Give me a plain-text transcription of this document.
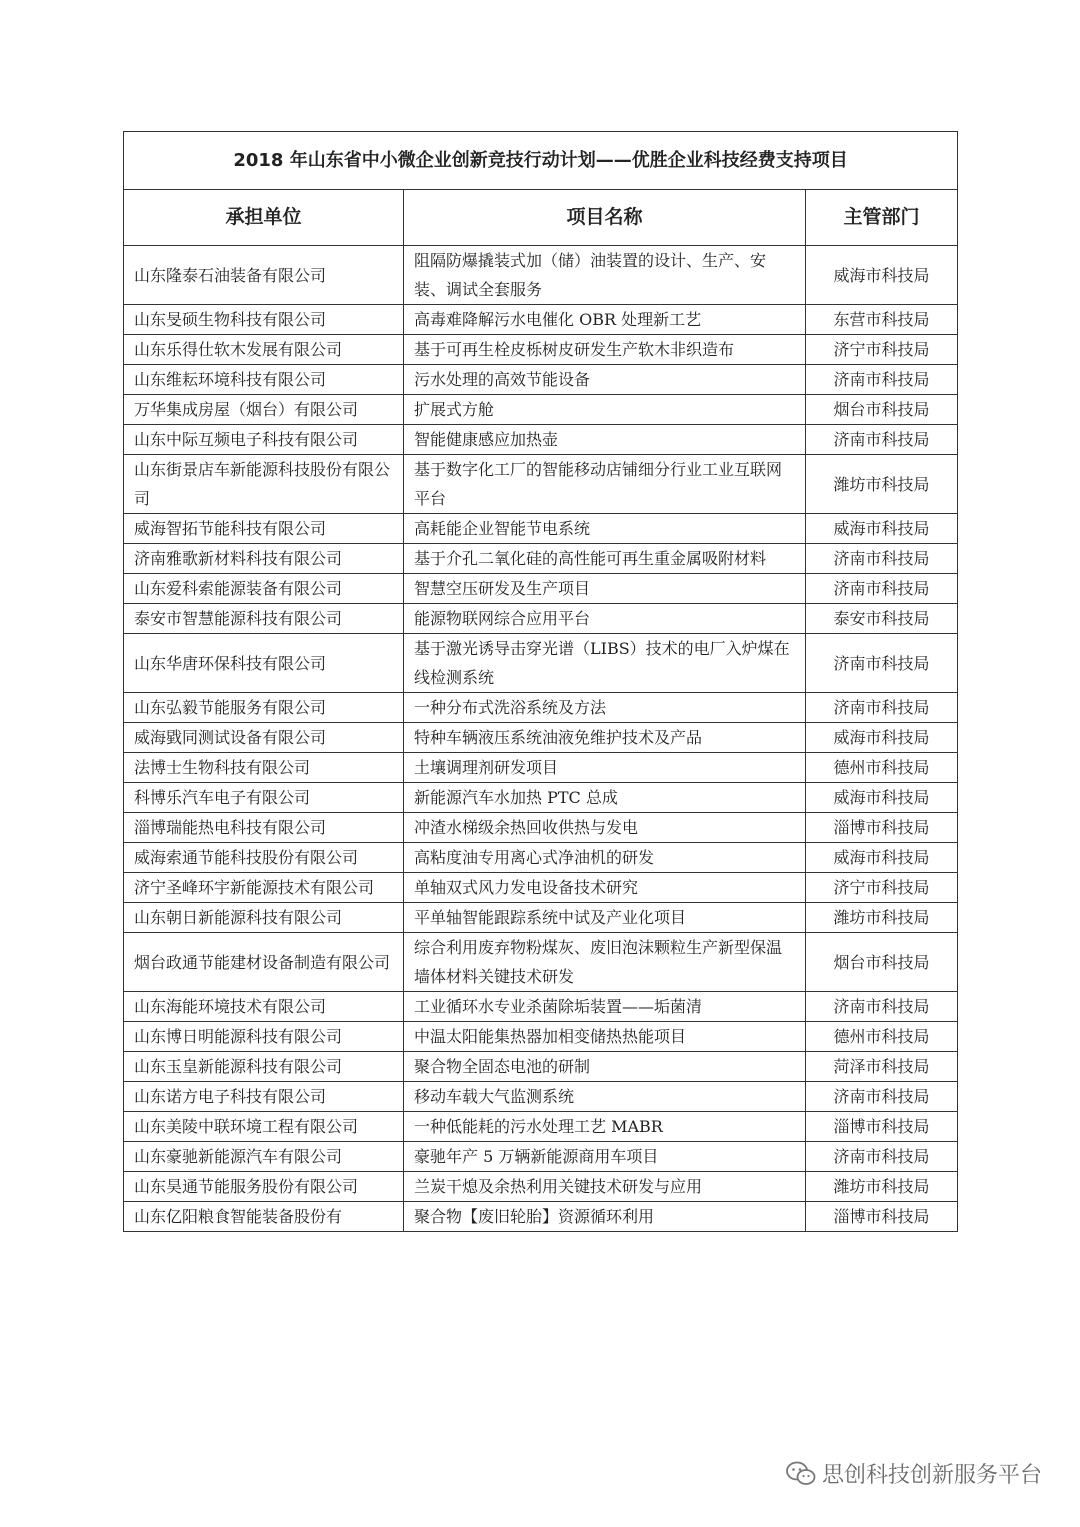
2018 年山东省中小微企业创新竞技行动计划——优胜企业科技经费支持项目		
承担单位	项目名称	主管部门
山东隆泰石油装备有限公司	阻隔防爆撬装式加（储）油装置的设计、生产、安装、调试全套服务	威海市科技局
山东旻硕生物科技有限公司	高毒难降解污水电催化 OBR 处理新工艺	东营市科技局
山东乐得仕软木发展有限公司	基于可再生栓皮栎树皮研发生产软木非织造布	济宁市科技局
山东维耘环境科技有限公司	污水处理的高效节能设备	济南市科技局
万华集成房屋（烟台）有限公司	扩展式方舱	烟台市科技局
山东中际互频电子科技有限公司	智能健康感应加热壶	济南市科技局
山东街景店车新能源科技股份有限公司	基于数字化工厂的智能移动店铺细分行业工业互联网平台	潍坊市科技局
威海智拓节能科技有限公司	高耗能企业智能节电系统	威海市科技局
济南雅歌新材料科技有限公司	基于介孔二氧化硅的高性能可再生重金属吸附材料	济南市科技局
山东爱科索能源装备有限公司	智慧空压研发及生产项目	济南市科技局
泰安市智慧能源科技有限公司	能源物联网综合应用平台	泰安市科技局
山东华唐环保科技有限公司	基于激光诱导击穿光谱（LIBS）技术的电厂入炉煤在线检测系统	济南市科技局
山东弘毅节能服务有限公司	一种分布式洗浴系统及方法	济南市科技局
威海戥同测试设备有限公司	特种车辆液压系统油液免维护技术及产品	威海市科技局
法博士生物科技有限公司	土壤调理剂研发项目	德州市科技局
科博乐汽车电子有限公司	新能源汽车水加热 PTC 总成	威海市科技局
淄博瑞能热电科技有限公司	冲渣水梯级余热回收供热与发电	淄博市科技局
威海索通节能科技股份有限公司	高粘度油专用离心式净油机的研发	威海市科技局
济宁圣峰环宇新能源技术有限公司	单轴双式风力发电设备技术研究	济宁市科技局
山东朝日新能源科技有限公司	平单轴智能跟踪系统中试及产业化项目	潍坊市科技局
烟台政通节能建材设备制造有限公司	综合利用废弃物粉煤灰、废旧泡沫颗粒生产新型保温墙体材料关键技术研发	烟台市科技局
山东海能环境技术有限公司	工业循环水专业杀菌除垢装置——垢菌清	济南市科技局
山东博日明能源科技有限公司	中温太阳能集热器加相变储热热能项目	德州市科技局
山东玉皇新能源科技有限公司	聚合物全固态电池的研制	菏泽市科技局
山东诺方电子科技有限公司	移动车载大气监测系统	济南市科技局
山东美陵中联环境工程有限公司	一种低能耗的污水处理工艺 MABR	淄博市科技局
山东豪驰新能源汽车有限公司	豪驰年产 5 万辆新能源商用车项目	济南市科技局
山东昊通节能服务股份有限公司	兰炭干熄及余热利用关键技术研发与应用	潍坊市科技局
山东亿阳粮食智能装备股份有	聚合物【废旧轮胎】资源循环利用	淄博市科技局
思创科技创新服务平台
